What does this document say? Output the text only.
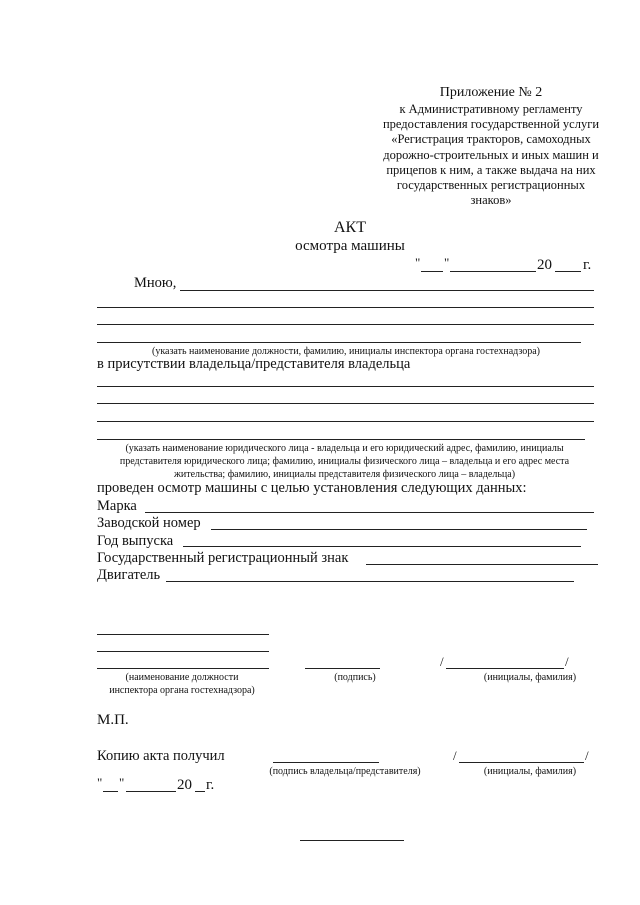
Приложение № 2
к Административному регламенту
предоставления государственной услуги
«Регистрация тракторов, самоходных
дорожно-строительных и иных машин и
прицепов к ним, а также выдача на них
государственных регистрационных
знаков»
АКТ
осмотра машины
" "	20 г.
Мною,
(указать наименование должности, фамилию, инициалы инспектора органа гостехнадзора)
в присутствии владельца/представителя владельца
(указать наименование юридического лица - владельца и его юридический адрес, фамилию, инициалы
представителя юридического лица; фамилию, инициалы физического лица – владельца и его адрес места
жительства; фамилию, инициалы представителя физического лица – владельца)
проведен осмотр машины с целью установления следующих данных:
Марка
Заводской номер
Год выпуска
Государственный регистрационный знак
Двигатель
/	/
(наименование должности
инспектора органа гостехнадзора)
(подпись)	(инициалы, фамилия)
М.П.
Копию акта получил	/	/
(подпись владельца/представителя)	(инициалы, фамилия)
" "	20 г.
